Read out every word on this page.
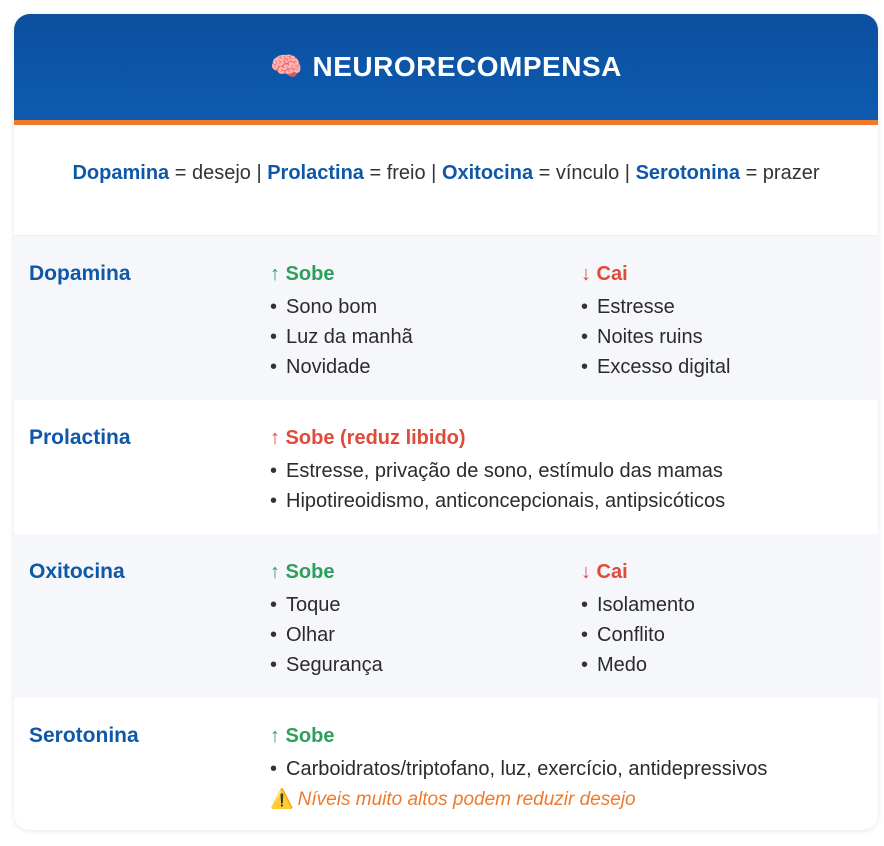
🧠 NEURORECOMPENSA
Dopamina = desejo | Prolactina = freio | Oxitocina = vínculo | Serotonina = prazer
Dopamina	↑ Sobe
• Sono bom
• Luz da manhã
• Novidade
↓ Cai
• Estresse
• Noites ruins
• Excesso digital
Prolactina	↑ Sobe (reduz libido)
• Estresse, privação de sono, estímulo das mamas
• Hipotireoidismo, anticoncepcionais, antipsicóticos
Oxitocina	↑ Sobe
• Toque
• Olhar
• Segurança
↓ Cai
• Isolamento
• Conflito
• Medo
Serotonina	↑ Sobe
• Carboidratos/triptofano, luz, exercício, antidepressivos
⚠️ Níveis muito altos podem reduzir desejo
